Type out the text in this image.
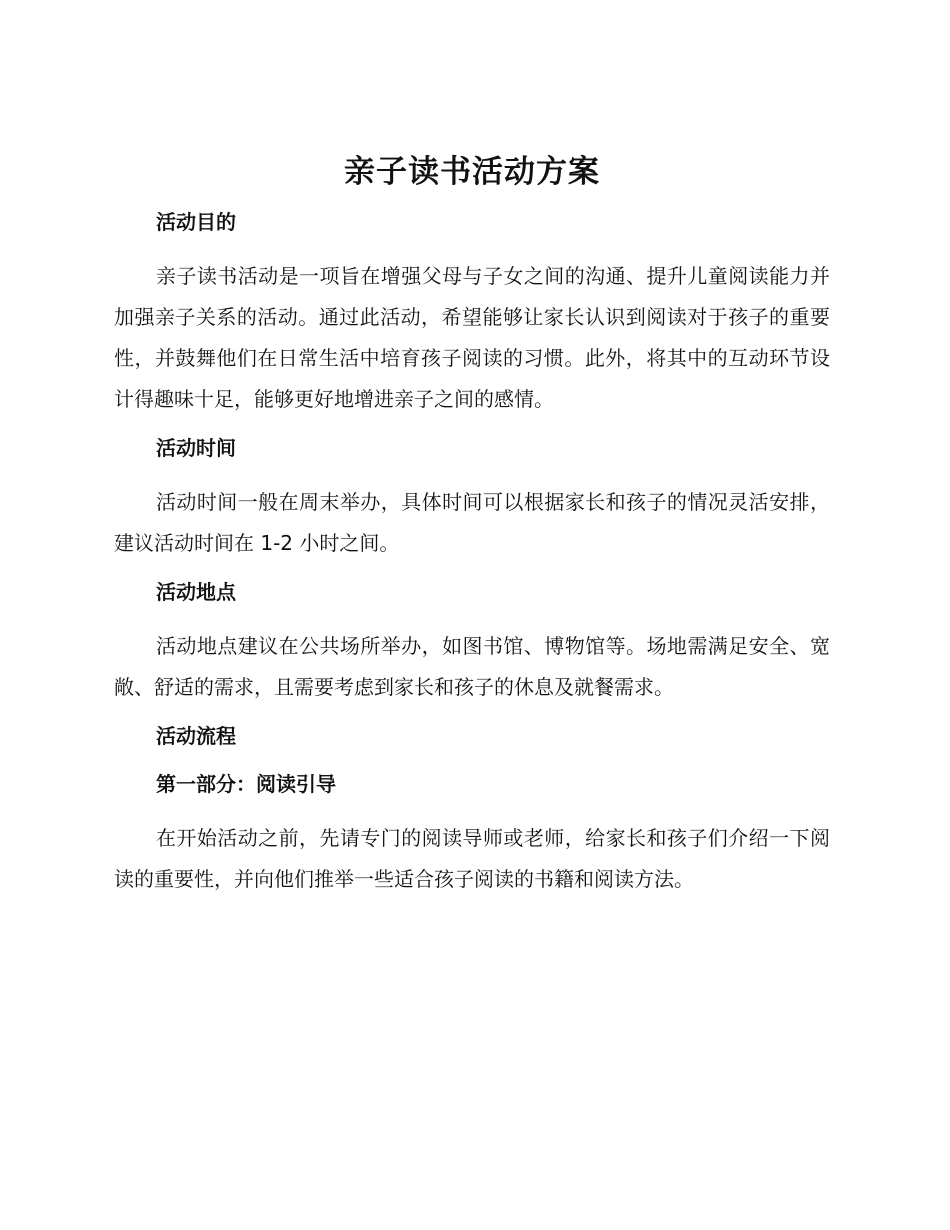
亲子读书活动方案
活动目的

亲子读书活动是一项旨在增强父母与子女之间的沟通、提升儿童阅读能力并加强亲子关系的活动。通过此活动，希望能够让家长认识到阅读对于孩子的重要性，并鼓舞他们在日常生活中培育孩子阅读的习惯。此外，将其中的互动环节设计得趣味十足，能够更好地增进亲子之间的感情。

活动时间

活动时间一般在周末举办，具体时间可以根据家长和孩子的情况灵活安排，建议活动时间在 1-2 小时之间。

活动地点

活动地点建议在公共场所举办，如图书馆、博物馆等。场地需满足安全、宽敞、舒适的需求，且需要考虑到家长和孩子的休息及就餐需求。

活动流程
第一部分：阅读引导

在开始活动之前，先请专门的阅读导师或老师，给家长和孩子们介绍一下阅读的重要性，并向他们推举一些适合孩子阅读的书籍和阅读方法。
